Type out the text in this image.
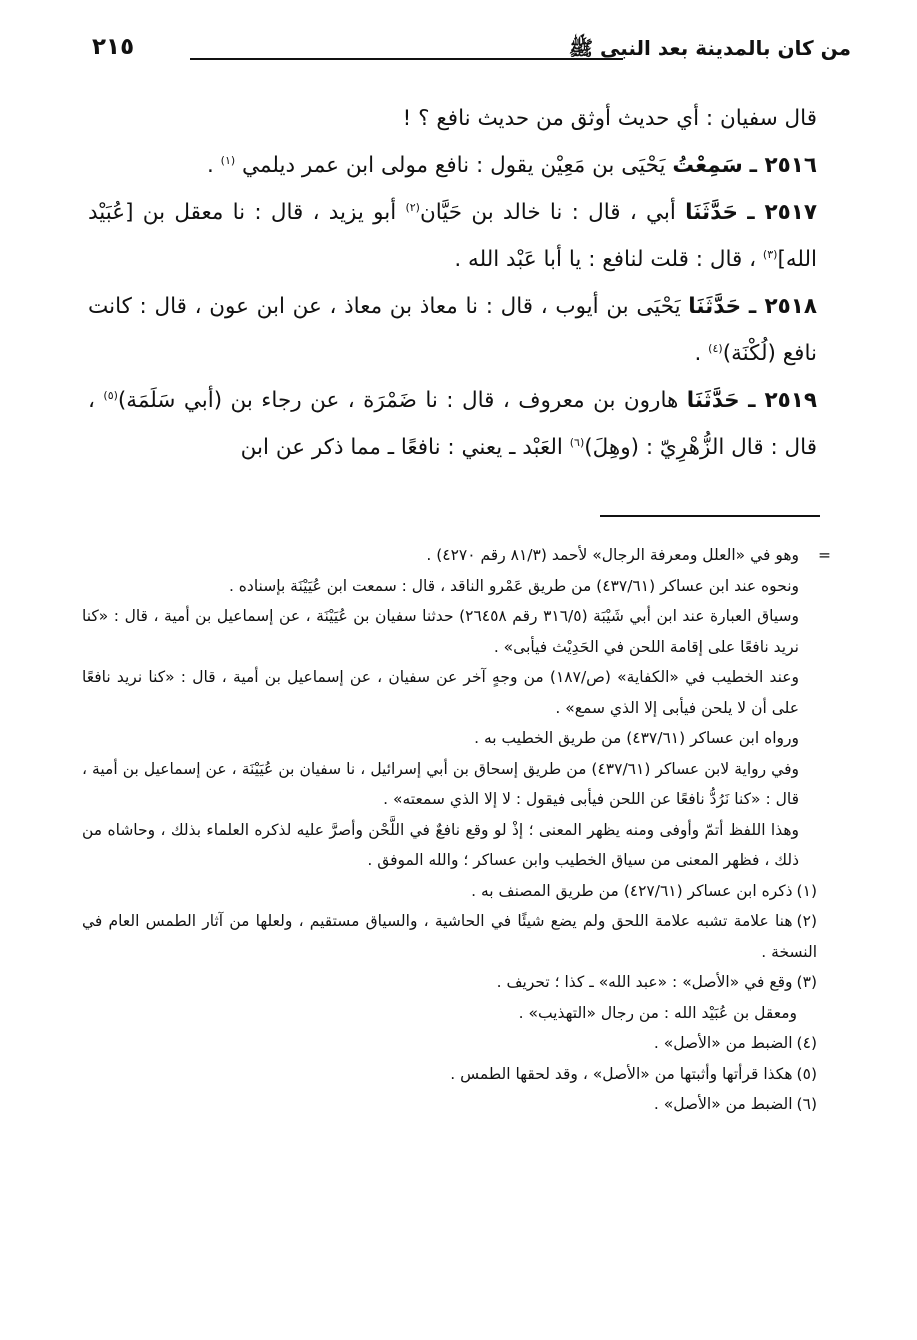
من كان بالمدينة بعد النبي ﷺ
٢١٥

قال سفيان : أي حديث أوثق من حديث نافع ؟ !

٢٥١٦ ـ سَمِعْتُ يَحْيَى بن مَعِيْن يقول : نافع مولى ابن عمر ديلمي $^{(١)}$ .

٢٥١٧ ـ حَدَّثَنَا أبي ، قال : نا خالد بن حَيَّان$^{(٢)}$ أبو يزيد ، قال : نا معقل بن [عُبَيْد الله]$^{(٣)}$ ، قال : قلت لنافع : يا أبا عَبْد الله .

٢٥١٨ ـ حَدَّثَنَا يَحْيَى بن أيوب ، قال : نا معاذ بن معاذ ، عن ابن عون ، قال : كانت نافع (لُكْنَة)$^{(٤)}$ .

٢٥١٩ ـ حَدَّثَنَا هارون بن معروف ، قال : نا ضَمْرَة ، عن رجاء بن (أبي سَلَمَة)$^{(٥)}$ ، قال : قال الزُّهْرِيّ : (وهِلَ)$^{(٦)}$ العَبْد ـ يعني : نافعًا ـ مما ذكر عن ابن

=
وهو في «العلل ومعرفة الرجال» لأحمد (٨١/٣ رقم ٤٢٧٠) .

ونحوه عند ابن عساكر (٤٣٧/٦١) من طريق عَمْرو الناقد ، قال : سمعت ابن عُيَيْنَة بإسناده .

وسياق العبارة عند ابن أبي شَيْبَة (٣١٦/٥ رقم ٢٦٤٥٨) حدثنا سفيان بن عُيَيْنَة ، عن إسماعيل بن أمية ، قال : «كنا نريد نافعًا على إقامة اللحن في الحَدِيْث فيأبى» .

وعند الخطيب في «الكفاية» (ص/١٨٧) من وجهٍ آخر عن سفيان ، عن إسماعيل بن أمية ، قال : «كنا نريد نافعًا على أن لا يلحن فيأبى إلا الذي سمع» .

ورواه ابن عساكر (٤٣٧/٦١) من طريق الخطيب به .

وفي رواية لابن عساكر (٤٣٧/٦١) من طريق إسحاق بن أبي إسرائيل ، نا سفيان بن عُيَيْنَة ، عن إسماعيل بن أمية ، قال : «كنا نَرُدُّ نافعًا عن اللحن فيأبى فيقول : لا إلا الذي سمعته» .

وهذا اللفظ أتمّ وأوفى ومنه يظهر المعنى ؛ إذْ لو وقع نافعٌ في اللَّحْن وأصرَّ عليه لذكره العلماء بذلك ، وحاشاه من ذلك ، فظهر المعنى من سياق الخطيب وابن عساكر ؛ والله الموفق .

(١)ذكره ابن عساكر (٤٢٧/٦١) من طريق المصنف به .

(٢)هنا علامة تشبه علامة اللحق ولم يضع شيئًا في الحاشية ، والسياق مستقيم ، ولعلها من آثار الطمس العام في النسخة .

(٣)وقع في «الأصل» : «عبد الله» ـ كذا ؛ تحريف .

ومعقل بن عُبَيْد الله : من رجال «التهذيب» .

(٤)الضبط من «الأصل» .

(٥)هكذا قرأتها وأثبتها من «الأصل» ، وقد لحقها الطمس .

(٦)الضبط من «الأصل» .
